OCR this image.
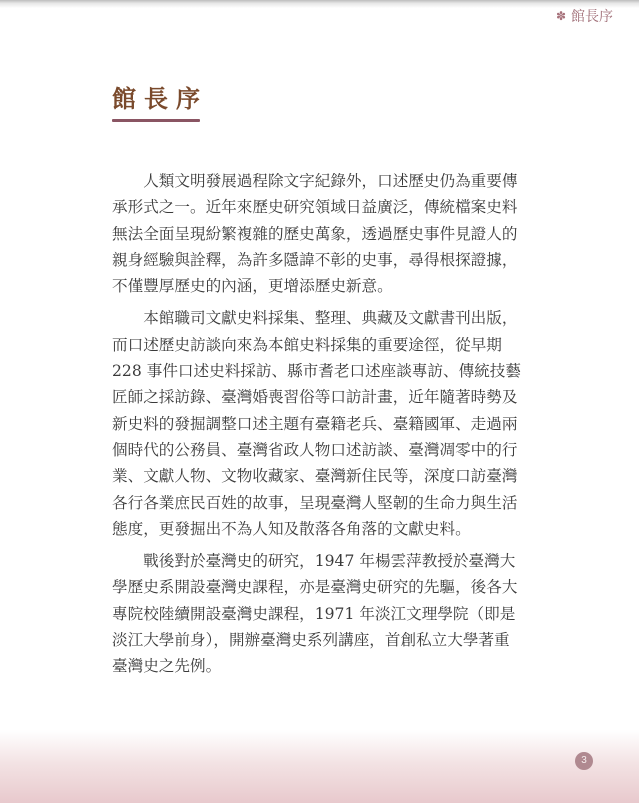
✽ 館長序
館長序

人類文明發展過程除文字紀錄外，口述歷史仍為重要傳
承形式之一。近年來歷史研究領域日益廣泛，傳統檔案史料
無法全面呈現紛繁複雜的歷史萬象，透過歷史事件見證人的
親身經驗與詮釋，為許多隱諱不彰的史事，尋得根探證據，
不僅豐厚歷史的內涵，更增添歷史新意。

本館職司文獻史料採集、整理、典藏及文獻書刊出版，
而口述歷史訪談向來為本館史料採集的重要途徑，從早期
228 事件口述史料採訪、縣市耆老口述座談專訪、傳統技藝
匠師之採訪錄、臺灣婚喪習俗等口訪計畫，近年隨著時勢及
新史料的發掘調整口述主題有臺籍老兵、臺籍國軍、走過兩
個時代的公務員、臺灣省政人物口述訪談、臺灣凋零中的行
業、文獻人物、文物收藏家、臺灣新住民等，深度口訪臺灣
各行各業庶民百姓的故事，呈現臺灣人堅韌的生命力與生活
態度，更發掘出不為人知及散落各角落的文獻史料。

戰後對於臺灣史的研究，1947 年楊雲萍教授於臺灣大
學歷史系開設臺灣史課程，亦是臺灣史研究的先驅，後各大
專院校陸續開設臺灣史課程，1971 年淡江文理學院（即是
淡江大學前身），開辦臺灣史系列講座，首創私立大學著重
臺灣史之先例。

3
